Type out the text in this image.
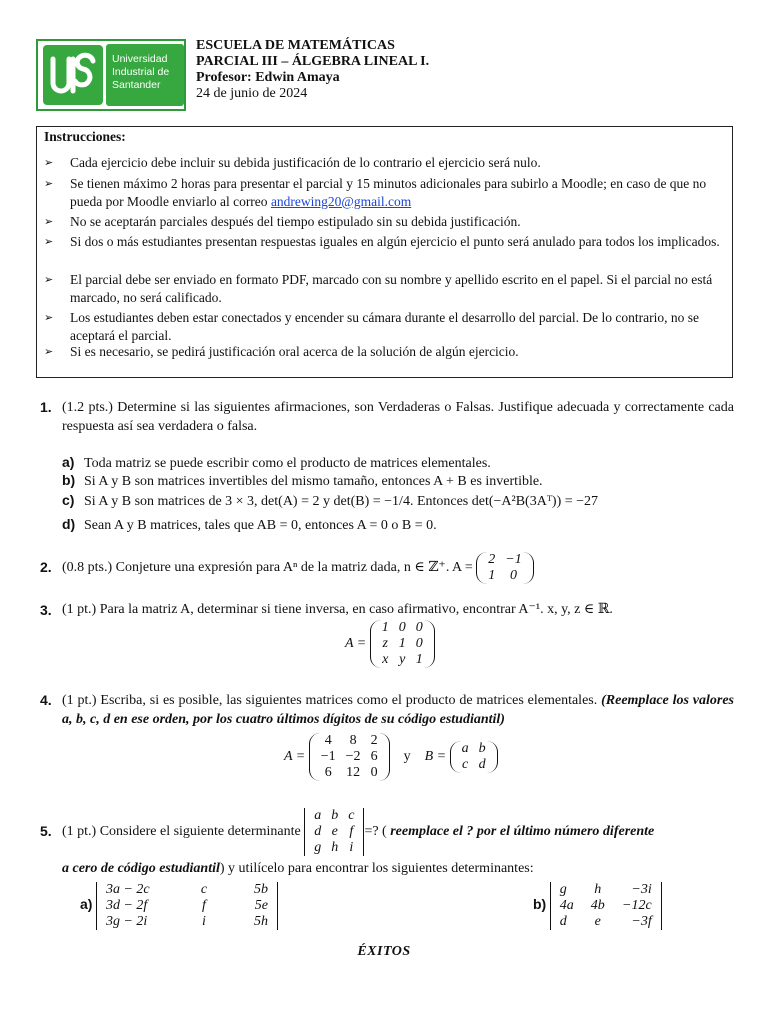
Universidad
Industrial de
Santander
ESCUELA DE MATEMÁTICAS
PARCIAL III – ÁLGEBRA LINEAL I.
Profesor: Edwin Amaya
24 de junio de 2024
Instrucciones:
➢ Cada ejercicio debe incluir su debida justificación de lo contrario el ejercicio será nulo.
➢ Se tienen máximo 2 horas para presentar el parcial y 15 minutos adicionales para subirlo a Moodle; en caso de que no pueda por Moodle enviarlo al correo andrewing20@gmail.com
➢ No se aceptarán parciales después del tiempo estipulado sin su debida justificación.
➢ Si dos o más estudiantes presentan respuestas iguales en algún ejercicio el punto será anulado para todos los implicados.
➢ El parcial debe ser enviado en formato PDF, marcado con su nombre y apellido escrito en el papel. Si el parcial no está marcado, no será calificado.
➢ Los estudiantes deben estar conectados y encender su cámara durante el desarrollo del parcial. De lo contrario, no se aceptará el parcial.
➢ Si es necesario, se pedirá justificación oral acerca de la solución de algún ejercicio.
1. (1.2 pts.) Determine si las siguientes afirmaciones, son Verdaderas o Falsas. Justifique adecuada y correctamente cada respuesta así sea verdadera o falsa.
a) Toda matriz se puede escribir como el producto de matrices elementales.
b) Si A y B son matrices invertibles del mismo tamaño, entonces A + B es invertible.
c) Si A y B son matrices de 3 × 3, det(A) = 2 y det(B) = −1/4. Entonces det(−A²B(3Aᵀ)) = −27
d) Sean A y B matrices, tales que AB = 0, entonces A = 0 o B = 0.
2. (0.8 pts.) Conjeture una expresión para Aⁿ de la matriz dada, n ∈ ℤ⁺. A =
2	−1
1	0
3. (1 pt.) Para la matriz A, determinar si tiene inversa, en caso afirmativo, encontrar A⁻¹. x, y, z ∈ ℝ.
A =
1	0	0
z	1	0
x	y	1
4. (1 pt.) Escriba, si es posible, las siguientes matrices como el producto de matrices elementales. (Reemplace los valores a, b, c, d en ese orden, por los cuatro últimos dígitos de su código estudiantil)
A =
4	8	2
−1	−2	6
6	12	0
y B =
a	b
c	d
5. (1 pt.) Considere el siguiente determinante
a	b	c
d	e	f
g	h	i
=? ( reemplace el ? por el último número diferente
a cero de código estudiantil) y utilícelo para encontrar los siguientes determinantes:
a)
3a − 2c	c	5b
3d − 2f	f	5e
3g − 2i	i	5h
b)
g	h	−3i
4a	4b	−12c
d	e	−3f
ÉXITOS
